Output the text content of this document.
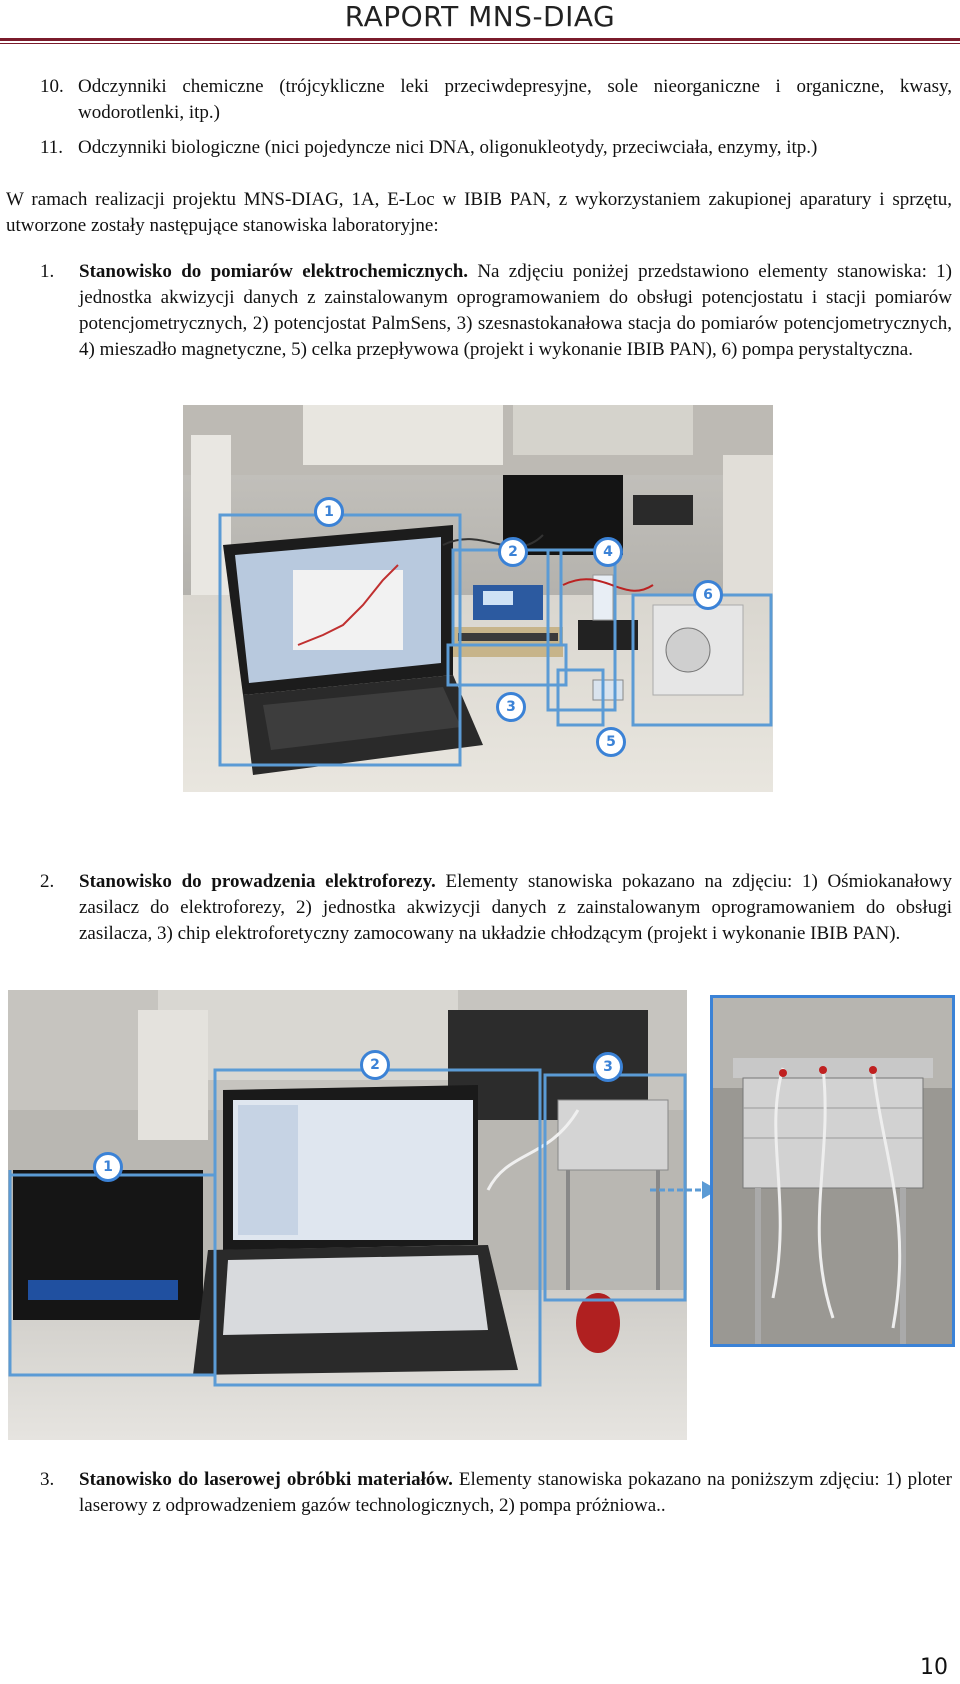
RAPORT MNS-DIAG
10. Odczynniki chemiczne (trójcykliczne leki przeciwdepresyjne, sole nieorganiczne i organiczne, kwasy, wodorotlenki, itp.)
11. Odczynniki biologiczne (nici pojedyncze nici DNA, oligonukleotydy, przeciwciała, enzymy, itp.)
W ramach realizacji projektu MNS-DIAG, 1A, E-Loc w IBIB PAN, z wykorzystaniem zakupionej aparatury i sprzętu, utworzone zostały następujące stanowiska laboratoryjne:
1. Stanowisko do pomiarów elektrochemicznych. Na zdjęciu poniżej przedstawiono elementy stanowiska: 1) jednostka akwizycji danych z zainstalowanym oprogramowaniem do obsługi potencjostatu i stacji pomiarów potencjometrycznych, 2) potencjostat PalmSens, 3) szesnastokanałowa stacja do pomiarów potencjometrycznych, 4) mieszadło magnetyczne, 5) celka przepływowa (projekt i wykonanie IBIB PAN), 6) pompa perystaltyczna.
1
2	4
6
3
5
2. Stanowisko do prowadzenia elektroforezy. Elementy stanowiska pokazano na zdjęciu: 1) Ośmiokanałowy zasilacz do elektroforezy, 2) jednostka akwizycji danych z zainstalowanym oprogramowaniem do obsługi zasilacza, 3) chip elektroforetyczny zamocowany na układzie chłodzącym (projekt i wykonanie IBIB PAN).
1
2	3
3. Stanowisko do laserowej obróbki materiałów. Elementy stanowiska pokazano na poniższym zdjęciu: 1) ploter laserowy z odprowadzeniem gazów technologicznych, 2) pompa próżniowa..
10
